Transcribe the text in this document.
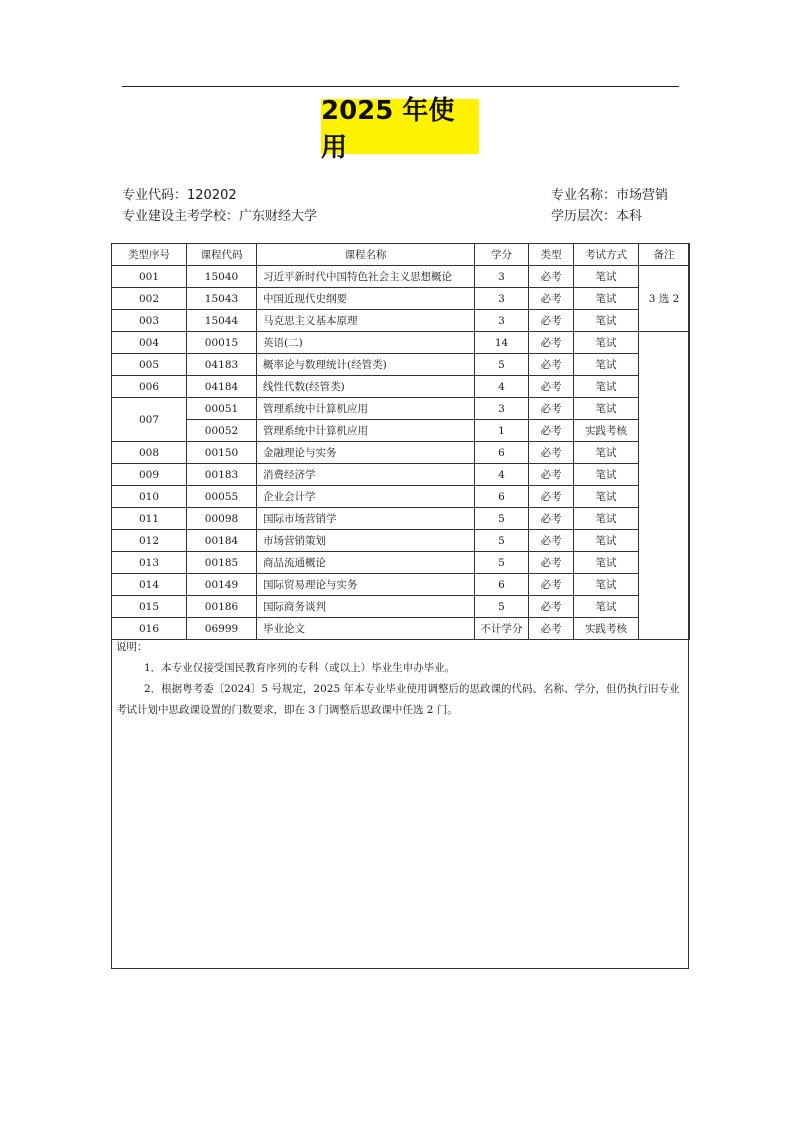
2025 年使用
专业代码：120202
专业建设主考学校：广东财经大学
专业名称：市场营销
学历层次：本科
类型序号	课程代码	课程名称	学分	类型	考试方式	备注
001	15040	习近平新时代中国特色社会主义思想概论	3	必考	笔试	3 选 2
002	15043	中国近现代史纲要	3	必考	笔试	
003	15044	马克思主义基本原理	3	必考	笔试	
004	00015	英语(二)	14	必考	笔试	
005	04183	概率论与数理统计(经管类)	5	必考	笔试	
006	04184	线性代数(经管类)	4	必考	笔试	
007	00051	管理系统中计算机应用	3	必考	笔试	
	00052	管理系统中计算机应用	1	必考	实践考核	
008	00150	金融理论与实务	6	必考	笔试	
009	00183	消费经济学	4	必考	笔试	
010	00055	企业会计学	6	必考	笔试	
011	00098	国际市场营销学	5	必考	笔试	
012	00184	市场营销策划	5	必考	笔试	
013	00185	商品流通概论	5	必考	笔试	
014	00149	国际贸易理论与实务	6	必考	笔试	
015	00186	国际商务谈判	5	必考	笔试	
016	06999	毕业论文	不计学分	必考	实践考核	

说明：

1．本专业仅接受国民教育序列的专科（或以上）毕业生申办毕业。

2．根据粤考委〔2024〕5 号规定，2025 年本专业毕业使用调整后的思政课的代码、名称、学分，但仍执行旧专业考试计划中思政课设置的门数要求，即在 3 门调整后思政课中任选 2 门。
